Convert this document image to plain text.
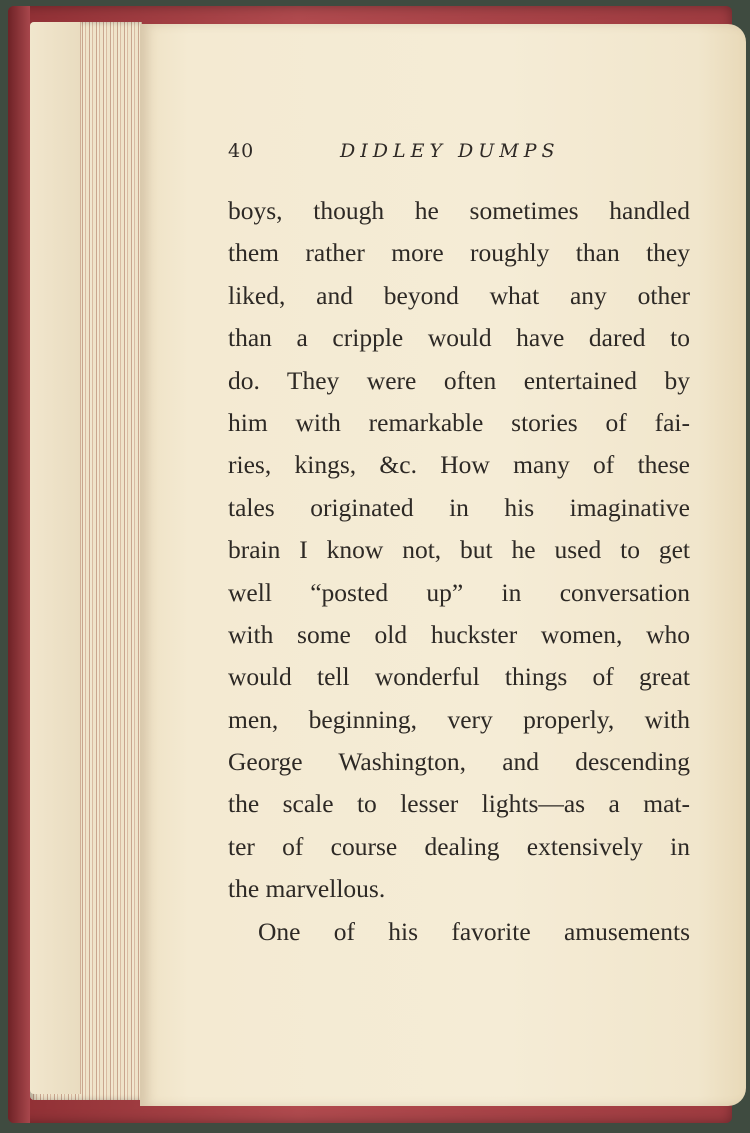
40	DIDLEY DUMPS
boys, though he sometimes handled
them rather more roughly than they
liked, and beyond what any other
than a cripple would have dared to
do. They were often entertained by
him with remarkable stories of fai-
ries, kings, &c. How many of these
tales originated in his imaginative
brain I know not, but he used to get
well “posted up” in conversation
with some old huckster women, who
would tell wonderful things of great
men, beginning, very properly, with
George Washington, and descending
the scale to lesser lights—as a mat-
ter of course dealing extensively in
the marvellous.
One of his favorite amusements
